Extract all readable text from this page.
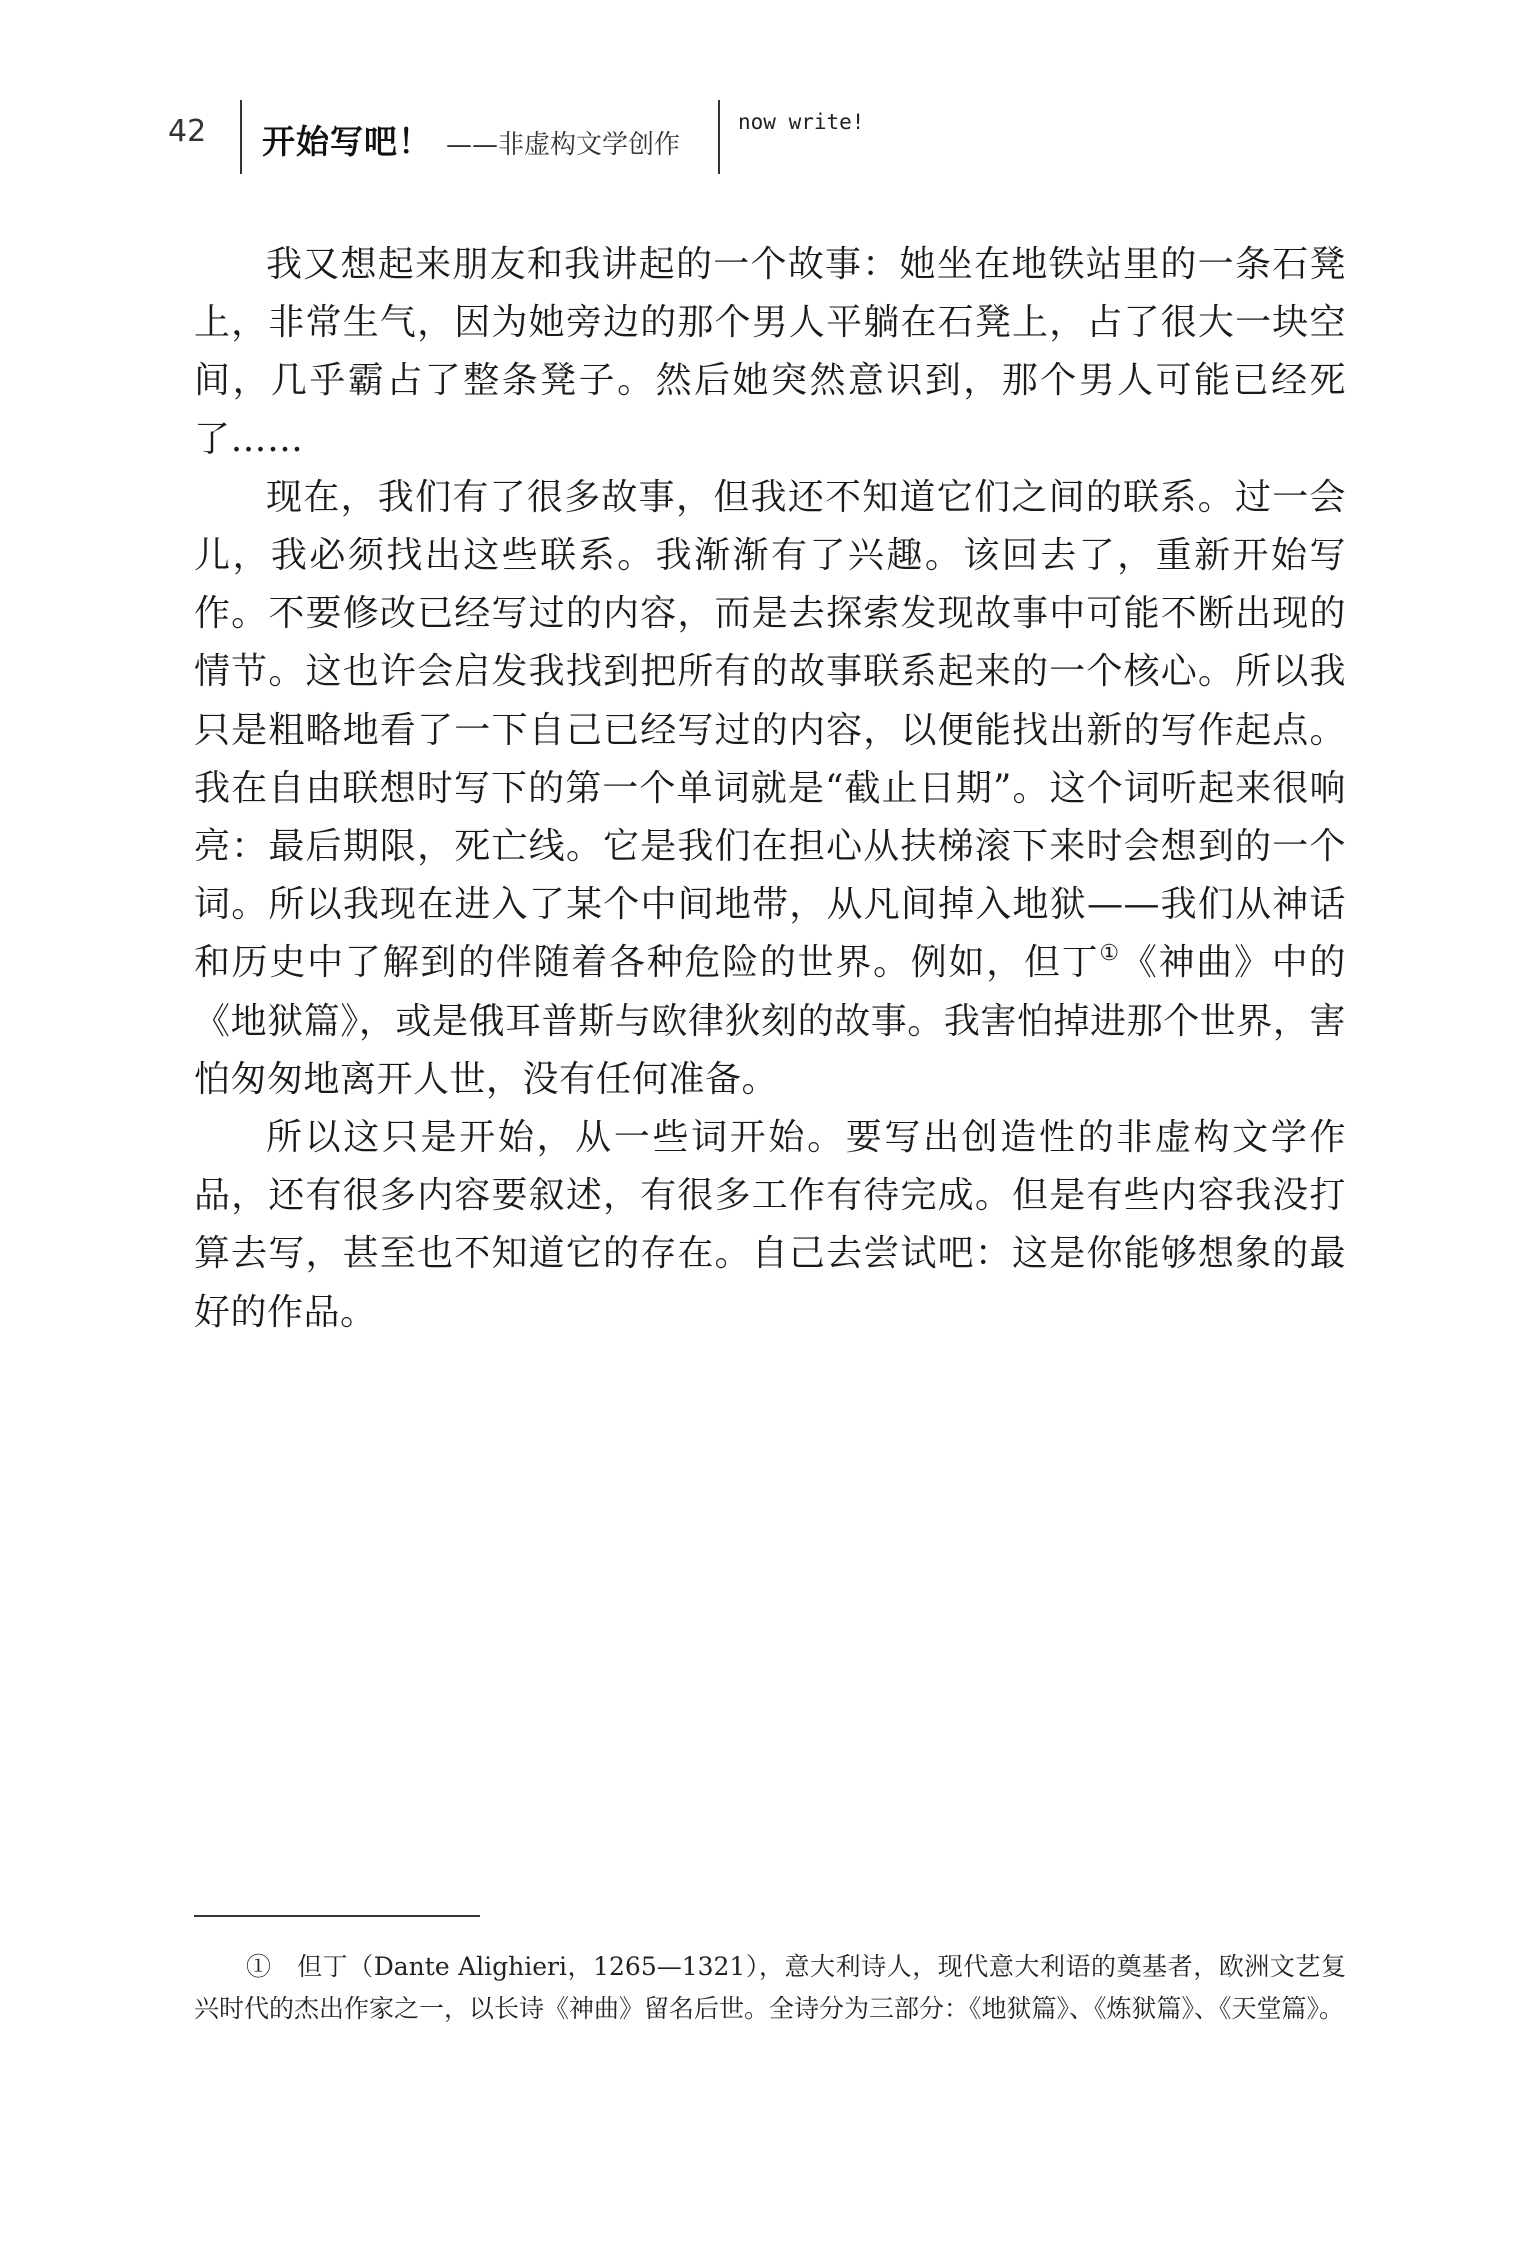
42 开始写吧！ ——非虚构文学创作
now write!

我又想起来朋友和我讲起的一个故事：她坐在地铁站里的一条石凳上，非常生气，因为她旁边的那个男人平躺在石凳上，占了很大一块空间，几乎霸占了整条凳子。然后她突然意识到，那个男人可能已经死了……

现在，我们有了很多故事，但我还不知道它们之间的联系。过一会儿，我必须找出这些联系。我渐渐有了兴趣。该回去了，重新开始写作。不要修改已经写过的内容，而是去探索发现故事中可能不断出现的情节。这也许会启发我找到把所有的故事联系起来的一个核心。所以我只是粗略地看了一下自己已经写过的内容，以便能找出新的写作起点。我在自由联想时写下的第一个单词就是“截止日期”。这个词听起来很响亮：最后期限，死亡线。它是我们在担心从扶梯滚下来时会想到的一个词。所以我现在进入了某个中间地带，从凡间掉入地狱——我们从神话和历史中了解到的伴随着各种危险的世界。例如，但丁①《神曲》中的《地狱篇》，或是俄耳普斯与欧律狄刻的故事。我害怕掉进那个世界，害怕匆匆地离开人世，没有任何准备。

所以这只是开始，从一些词开始。要写出创造性的非虚构文学作品，还有很多内容要叙述，有很多工作有待完成。但是有些内容我没打算去写，甚至也不知道它的存在。自己去尝试吧：这是你能够想象的最好的作品。

①　 但丁（Dante Alighieri，1265—1321），意大利诗人，现代意大利语的奠基者，欧洲文艺复兴时代的杰出作家之一，以长诗《神曲》留名后世。全诗分为三部分：《地狱篇》、《炼狱篇》、《天堂篇》。
